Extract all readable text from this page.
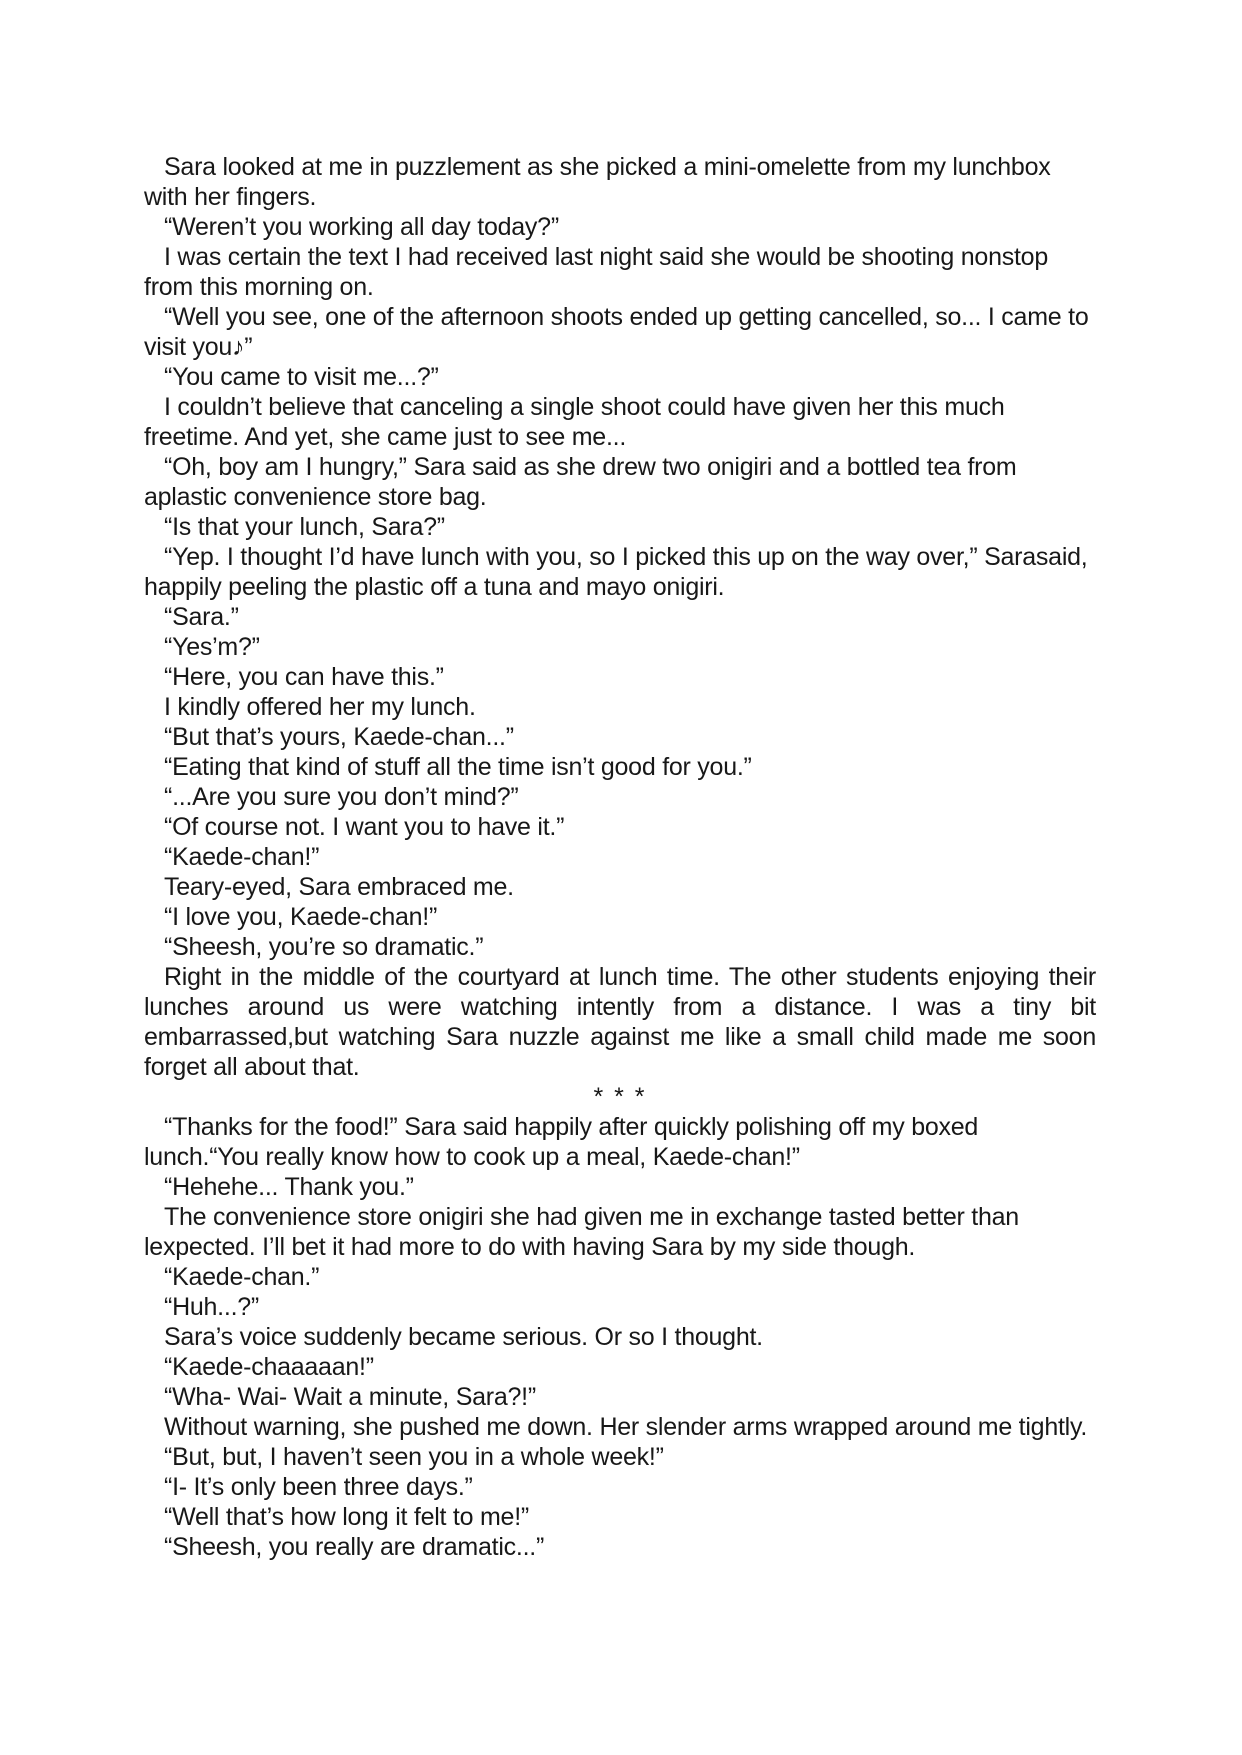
Sara looked at me in puzzlement as she picked a mini-omelette from my lunchbox with her fingers.

“Weren’t you working all day today?”

I was certain the text I had received last night said she would be shooting nonstop from this morning on.

“Well you see, one of the afternoon shoots ended up getting cancelled, so... I came to visit you♪”

“You came to visit me...?”

I couldn’t believe that canceling a single shoot could have given her this much freetime. And yet, she came just to see me...

“Oh, boy am I hungry,” Sara said as she drew two onigiri and a bottled tea from aplastic convenience store bag.

“Is that your lunch, Sara?”

“Yep. I thought I’d have lunch with you, so I picked this up on the way over,” Sarasaid, happily peeling the plastic off a tuna and mayo onigiri.

“Sara.”

“Yes’m?”

“Here, you can have this.”

I kindly offered her my lunch.

“But that’s yours, Kaede-chan...”

“Eating that kind of stuff all the time isn’t good for you.”

“...Are you sure you don’t mind?”

“Of course not. I want you to have it.”

“Kaede-chan!”

Teary-eyed, Sara embraced me.

“I love you, Kaede-chan!”

“Sheesh, you’re so dramatic.”

Right in the middle of the courtyard at lunch time. The other students enjoying their lunches around us were watching intently from a distance. I was a tiny bit embarrassed,but watching Sara nuzzle against me like a small child made me soon forget all about that.

* * *

“Thanks for the food!” Sara said happily after quickly polishing off my boxed lunch.“You really know how to cook up a meal, Kaede-chan!”

“Hehehe... Thank you.”

The convenience store onigiri she had given me in exchange tasted better than lexpected. I’ll bet it had more to do with having Sara by my side though.

“Kaede-chan.”

“Huh...?”

Sara’s voice suddenly became serious. Or so I thought.

“Kaede-chaaaaan!”

“Wha- Wai- Wait a minute, Sara?!”

Without warning, she pushed me down. Her slender arms wrapped around me tightly.

“But, but, I haven’t seen you in a whole week!”

“I- It’s only been three days.”

“Well that’s how long it felt to me!”

“Sheesh, you really are dramatic...”
